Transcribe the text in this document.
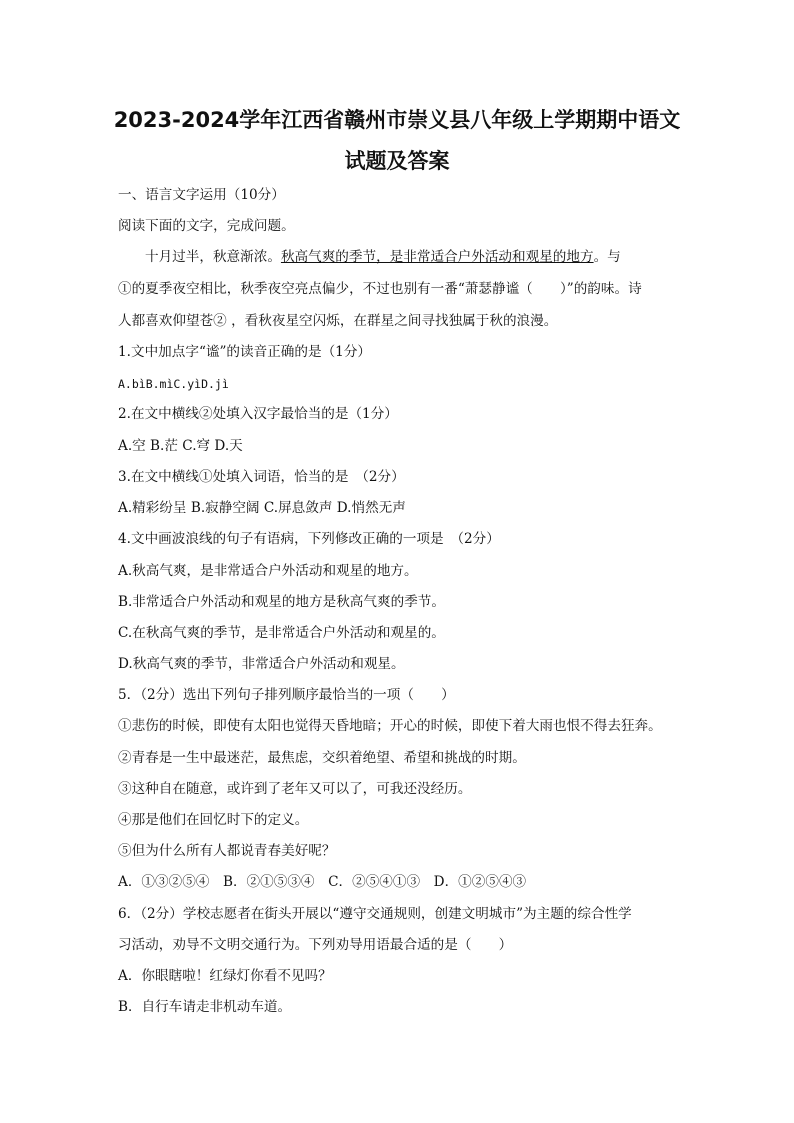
2023-2024学年江西省赣州市崇义县八年级上学期期中语文
试题及答案
一、语言文字运用（10分）
阅读下面的文字，完成问题。
十月过半，秋意渐浓。秋高气爽的季节，是非常适合户外活动和观星的地方。与
①的夏季夜空相比，秋季夜空亮点偏少，不过也别有一番“萧瑟静谧（　　）”的韵味。诗
人都喜欢仰望苍② ，看秋夜星空闪烁，在群星之间寻找独属于秋的浪漫。
1.文中加点字“谧”的读音正确的是（1分）
A.bìB.mìC.yìD.jì
2.在文中横线②处填入汉字最恰当的是（1分）
A.空 B.茫 C.穹 D.天
3.在文中横线①处填入词语，恰当的是　（2分）
A.精彩纷呈 B.寂静空阔 C.屏息敛声 D.悄然无声
4.文中画波浪线的句子有语病，下列修改正确的一项是　（2分）
A.秋高气爽，是非常适合户外活动和观星的地方。
B.非常适合户外活动和观星的地方是秋高气爽的季节。
C.在秋高气爽的季节，是非常适合户外活动和观星的。
D.秋高气爽的季节，非常适合户外活动和观星。
5．（2分）选出下列句子排列顺序最恰当的一项（　　）
①悲伤的时候，即使有太阳也觉得天昏地暗；开心的时候，即使下着大雨也恨不得去狂奔。
②青春是一生中最迷茫，最焦虑，交织着绝望、希望和挑战的时期。
③这种自在随意，或许到了老年又可以了，可我还没经历。
④那是他们在回忆时下的定义。
⑤但为什么所有人都说青春美好呢？
A．①③②⑤④　B．②①⑤③④　C．②⑤④①③　D．①②⑤④③
6．（2分）学校志愿者在街头开展以“遵守交通规则，创建文明城市”为主题的综合性学
习活动，劝导不文明交通行为。下列劝导用语最合适的是（　　）
A．你眼瞎啦！红绿灯你看不见吗？
B．自行车请走非机动车道。
